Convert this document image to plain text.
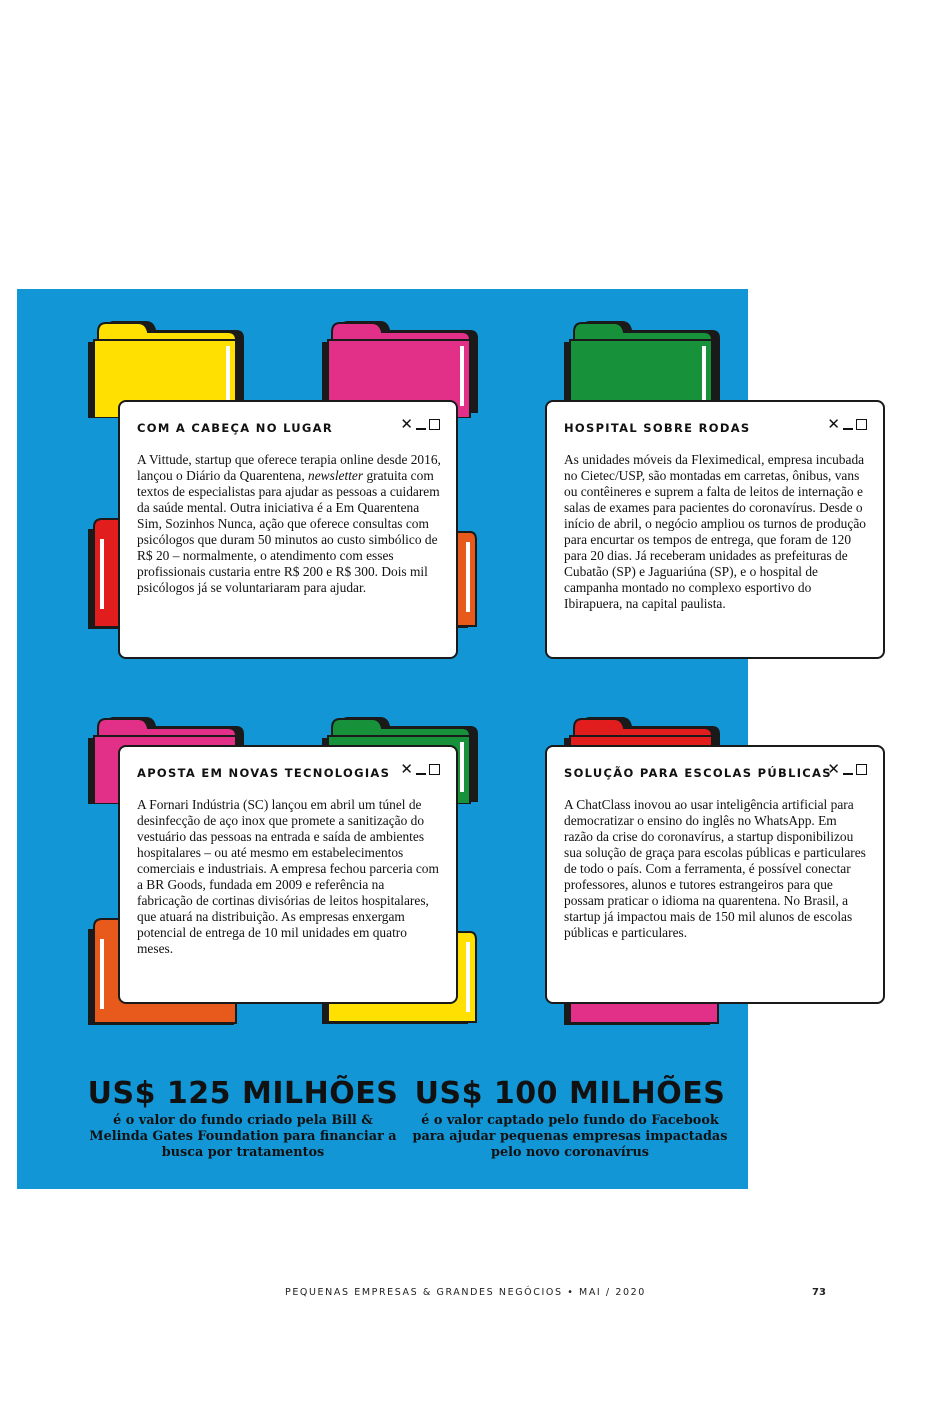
COM A CABEÇA NO LUGAR	✕

A Vittude, startup que oferece terapia online desde 2016, lançou o Diário da Quarentena, newsletter gratuita com textos de especialistas para ajudar as pessoas a cuidarem da saúde mental. Outra iniciativa é a Em Quarentena Sim, Sozinhos Nunca, ação que oferece consultas com psicólogos que duram 50 minutos ao custo simbólico de R$ 20 – normalmente, o atendimento com esses profissionais custaria entre R$ 200 e R$ 300. Dois mil psicólogos já se voluntariaram para ajudar.

HOSPITAL SOBRE RODAS	✕

As unidades móveis da Fleximedical, empresa incubada no Cietec/USP, são montadas em carretas, ônibus, vans ou contêineres e suprem a falta de leitos de internação e salas de exames para pacientes do coronavírus. Desde o início de abril, o negócio ampliou os turnos de produção para encurtar os tempos de entrega, que foram de 120 para 20 dias. Já receberam unidades as prefeituras de Cubatão (SP) e Jaguariúna (SP), e o hospital de campanha montado no complexo esportivo do Ibirapuera, na capital paulista.

APOSTA EM NOVAS TECNOLOGIAS ✕

A Fornari Indústria (SC) lançou em abril um túnel de desinfecção de aço inox que promete a sanitização do vestuário das pessoas na entrada e saída de ambientes hospitalares – ou até mesmo em estabelecimentos comerciais e industriais. A empresa fechou parceria com a BR Goods, fundada em 2009 e referência na fabricação de cortinas divisórias de leitos hospitalares, que atuará na distribuição. As empresas enxergam potencial de entrega de 10 mil unidades em quatro meses.

SOLUÇÃO PARA ESCOLAS PÚBLICAS
✕

A ChatClass inovou ao usar inteligência artificial para democratizar o ensino do inglês no WhatsApp. Em razão da crise do coronavírus, a startup disponibilizou sua solução de graça para escolas públicas e particulares de todo o país. Com a ferramenta, é possível conectar professores, alunos e tutores estrangeiros para que possam praticar o idioma na quarentena. No Brasil, a startup já impactou mais de 150 mil alunos de escolas públicas e particulares.

US$ 125 MILHÕES
é o valor do fundo criado pela Bill & Melinda Gates Foundation para financiar a busca por tratamentos
US$ 100 MILHÕES
é o valor captado pelo fundo do Facebook para ajudar pequenas empresas impactadas pelo novo coronavírus
PEQUENAS EMPRESAS & GRANDES NEGÓCIOS • MAI / 2020	73
